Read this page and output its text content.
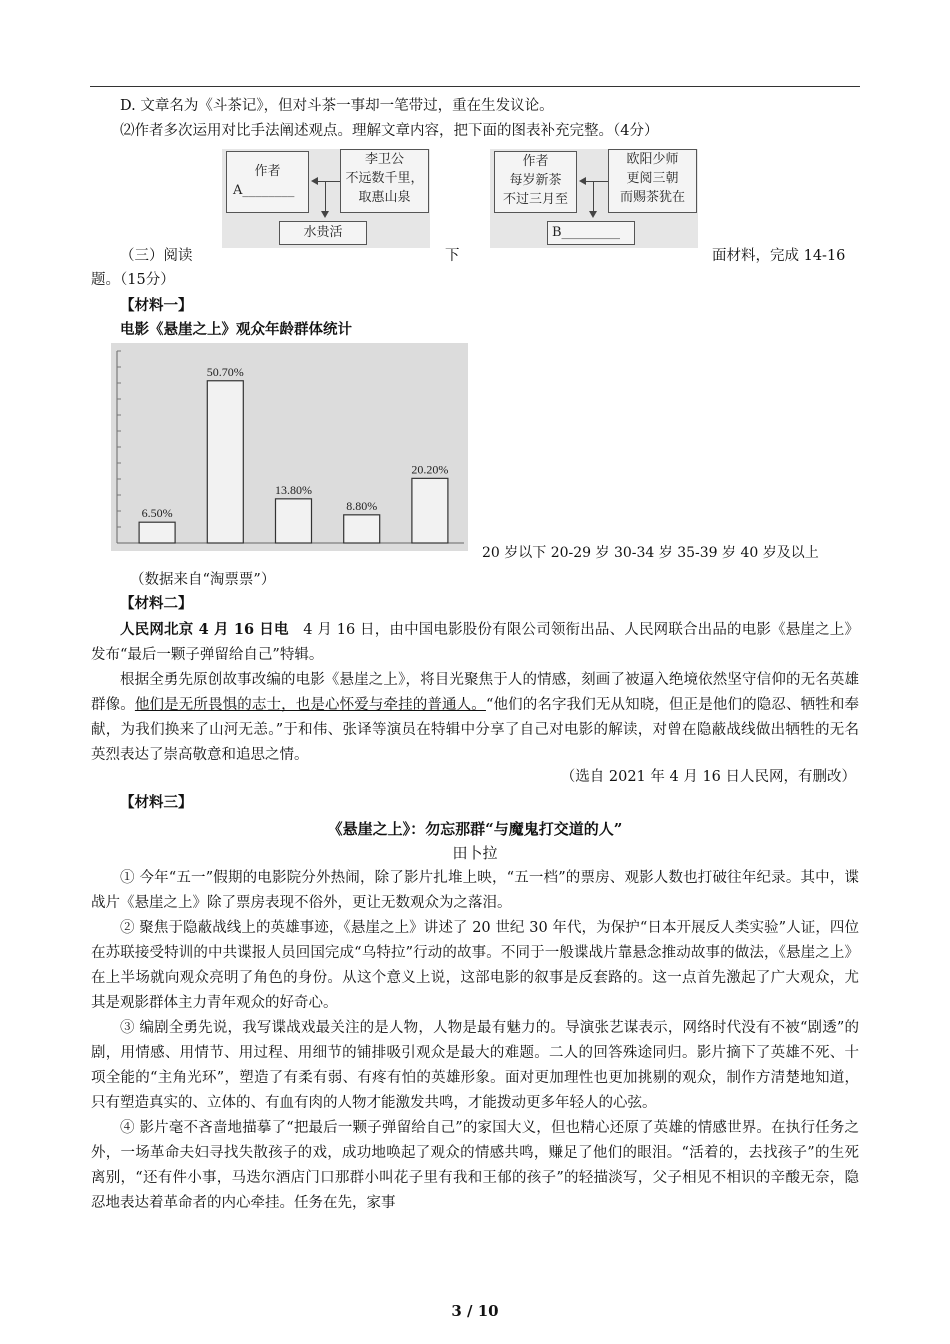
D. 文章名为《斗茶记》，但对斗茶一事却一笔带过，重在生发议论。
⑵作者多次运用对比手法阐述观点。理解文章内容，把下面的图表补充完整。（4分）
作者
A________
李卫公
不远数千里，
取惠山泉
水贵活
作者
每岁新茶
不过三月至
欧阳少师
更阅三朝
而赐茶犹在
B_________
（三）阅读	下	面材料，完成 14-16
题。（15分）
【材料一】
电影《悬崖之上》观众年龄群体统计
6.50%
50.70%
13.80%
8.80%
20.20%
20 岁以下 20-29 岁 30-34 岁 35-39 岁 40 岁及以上
（数据来自“淘票票”）
【材料二】

人民网北京 4 月 16 日电　4 月 16 日，由中国电影股份有限公司领衔出品、人民网联合出品的电影《悬崖之上》发布“最后一颗子弹留给自己”特辑。

根据全勇先原创故事改编的电影《悬崖之上》，将目光聚焦于人的情感，刻画了被逼入绝境依然坚守信仰的无名英雄群像。他们是无所畏惧的志士，也是心怀爱与牵挂的普通人。“他们的名字我们无从知晓，但正是他们的隐忍、牺牲和奉献，为我们换来了山河无恙。”于和伟、张译等演员在特辑中分享了自己对电影的解读，对曾在隐蔽战线做出牺牲的无名英烈表达了崇高敬意和追思之情。

（选自 2021 年 4 月 16 日人民网，有删改）
【材料三】
《悬崖之上》：勿忘那群“与魔鬼打交道的人”
田卜拉

① 今年“五一”假期的电影院分外热闹，除了影片扎堆上映，“五一档”的票房、观影人数也打破往年纪录。其中，谍战片《悬崖之上》除了票房表现不俗外，更让无数观众为之落泪。

② 聚焦于隐蔽战线上的英雄事迹，《悬崖之上》讲述了 20 世纪 30 年代，为保护“日本开展反人类实验”人证，四位在苏联接受特训的中共谍报人员回国完成“乌特拉”行动的故事。不同于一般谍战片靠悬念推动故事的做法，《悬崖之上》在上半场就向观众亮明了角色的身份。从这个意义上说，这部电影的叙事是反套路的。这一点首先激起了广大观众，尤其是观影群体主力青年观众的好奇心。

③ 编剧全勇先说，我写谍战戏最关注的是人物，人物是最有魅力的。导演张艺谋表示，网络时代没有不被“剧透”的剧，用情感、用情节、用过程、用细节的铺排吸引观众是最大的难题。二人的回答殊途同归。影片摘下了英雄不死、十项全能的“主角光环”，塑造了有柔有弱、有疼有怕的英雄形象。面对更加理性也更加挑剔的观众，制作方清楚地知道，只有塑造真实的、立体的、有血有肉的人物才能激发共鸣，才能拨动更多年轻人的心弦。

④ 影片毫不吝啬地描摹了“把最后一颗子弹留给自己”的家国大义，但也精心还原了英雄的情感世界。在执行任务之外，一场革命夫妇寻找失散孩子的戏，成功地唤起了观众的情感共鸣，赚足了他们的眼泪。“活着的，去找孩子”的生死离别，“还有件小事，马迭尔酒店门口那群小叫花子里有我和王郁的孩子”的轻描淡写，父子相见不相识的辛酸无奈，隐忍地表达着革命者的内心牵挂。任务在先，家事

3 / 10
